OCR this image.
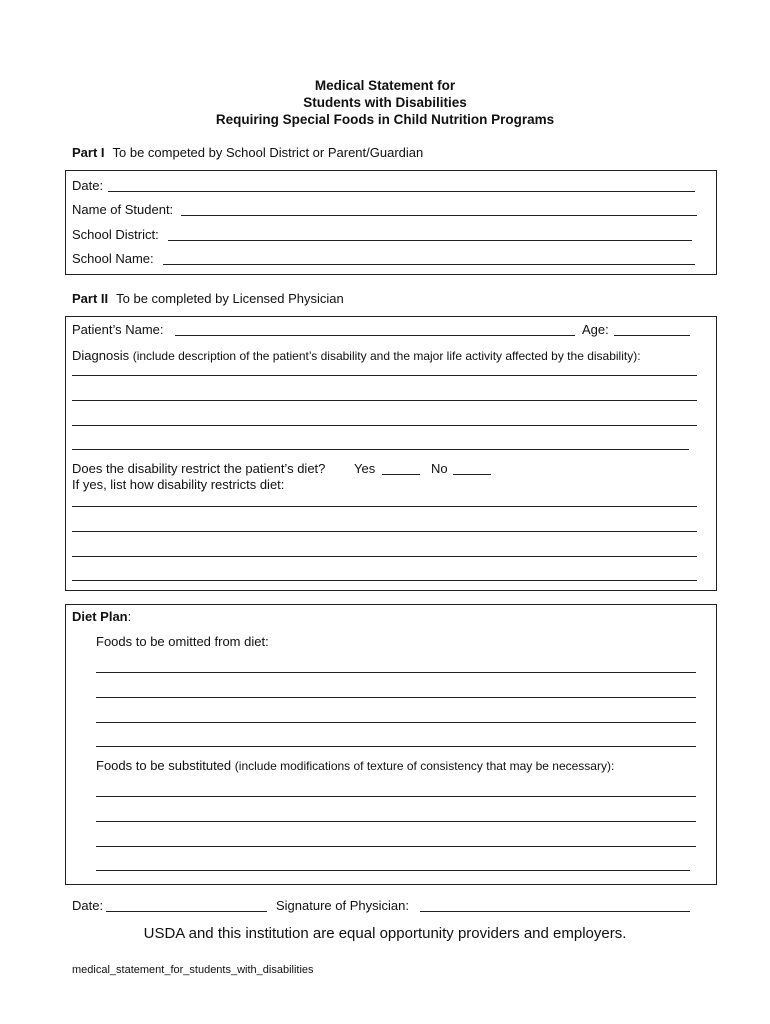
Medical Statement for
Students with Disabilities
Requiring Special Foods in Child Nutrition Programs
Part I To be competed by School District or Parent/Guardian
Date:
Name of Student:
School District:
School Name:
Part II To be completed by Licensed Physician
Patient’s Name:	Age:
Diagnosis (include description of the patient’s disability and the major life activity affected by the disability):
Does the disability restrict the patient’s diet? Yes	No
If yes, list how disability restricts diet:
Diet Plan:
Foods to be omitted from diet:
Foods to be substituted (include modifications of texture of consistency that may be necessary):
Date:	Signature of Physician:
USDA and this institution are equal opportunity providers and employers.
medical_statement_for_students_with_disabilities
